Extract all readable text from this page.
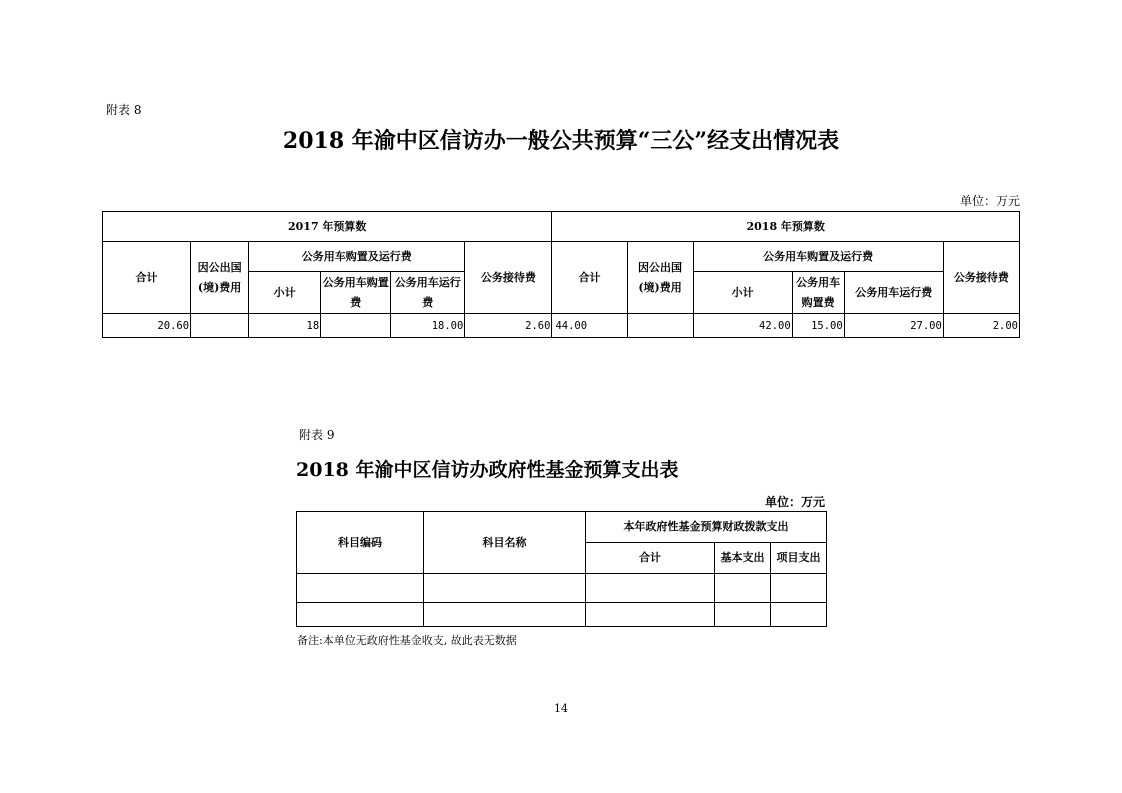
附表 8
2018 年渝中区信访办一般公共预算“三公”经支出情况表
单位：万元
2017 年预算数						2018 年预算数					
合计	因公出国(境)费用	公务用车购置及运行费			公务接待费	合计	因公出国(境)费用	公务用车购置及运行费			公务接待费
		小计	公务用车购置费	公务用车运行费				小计	公务用车购置费	公务用车运行费	
20.60		18		18.00	2.60	44.00		42.00	15.00	27.00	2.00
附表 9
2018 年渝中区信访办政府性基金预算支出表
单位：万元
科目编码	科目名称	本年政府性基金预算财政拨款支出		
		合计	基本支出	项目支出

备注:本单位无政府性基金收支, 故此表无数据
14
